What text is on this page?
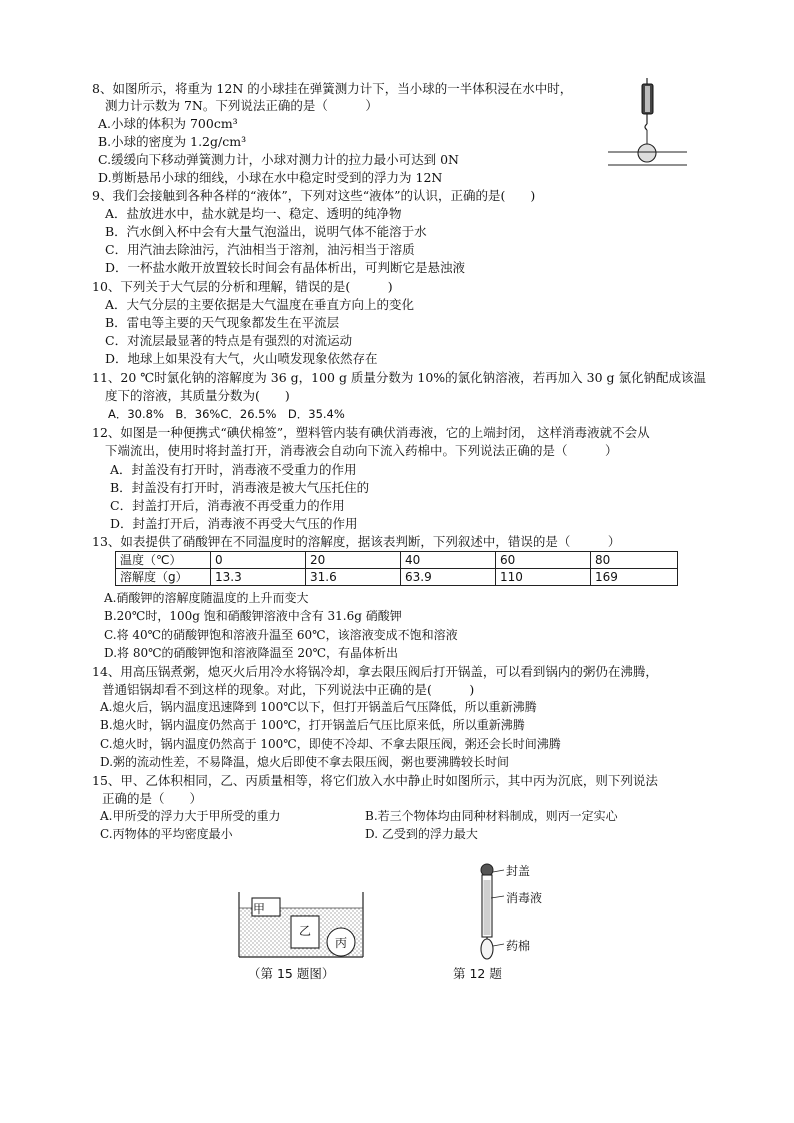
8、如图所示，将重为 12N 的小球挂在弹簧测力计下，当小球的一半体积浸在水中时，
测力计示数为 7N。下列说法正确的是（　　　）
A.小球的体积为 700cm³
B.小球的密度为 1.2g/cm³
C.缓缓向下移动弹簧测力计，小球对测力计的拉力最小可达到 0N
D.剪断悬吊小球的细线，小球在水中稳定时受到的浮力为 12N
9、我们会接触到各种各样的“液体”，下列对这些“液体”的认识，正确的是(　　)
A．盐放进水中，盐水就是均一、稳定、透明的纯净物
B．汽水倒入杯中会有大量气泡溢出，说明气体不能溶于水
C．用汽油去除油污，汽油相当于溶剂，油污相当于溶质
D．一杯盐水敞开放置较长时间会有晶体析出，可判断它是悬浊液
10、下列关于大气层的分析和理解，错误的是(　　　)
A．大气分层的主要依据是大气温度在垂直方向上的变化
B．雷电等主要的天气现象都发生在平流层
C．对流层最显著的特点是有强烈的对流运动
D．地球上如果没有大气，火山喷发现象依然存在
11、20 ℃时氯化钠的溶解度为 36 g，100 g 质量分数为 10%的氯化钠溶液，若再加入 30 g 氯化钠配成该温
度下的溶液，其质量分数为(　　)
A．30.8%　B．36%C．26.5%　D．35.4%
12、如图是一种便携式“碘伏棉签”，塑料管内装有碘伏消毒液，它的上端封闭， 这样消毒液就不会从
下端流出，使用时将封盖打开，消毒液会自动向下流入药棉中。下列说法正确的是（　　　）
A．封盖没有打开时，消毒液不受重力的作用
B．封盖没有打开时，消毒液是被大气压托住的
C．封盖打开后，消毒液不再受重力的作用
D．封盖打开后，消毒液不再受大气压的作用
13、如表提供了硝酸钾在不同温度时的溶解度，据该表判断，下列叙述中，错误的是（　　　）
温度（℃）	0	20	40	60	80
溶解度（g）	13.3	31.6	63.9	110	169
A.硝酸钾的溶解度随温度的上升而变大
B.20℃时，100g 饱和硝酸钾溶液中含有 31.6g 硝酸钾
C.将 40℃的硝酸钾饱和溶液升温至 60℃，该溶液变成不饱和溶液
D.将 80℃的硝酸钾饱和溶液降温至 20℃，有晶体析出
14、用高压锅煮粥，熄灭火后用冷水将锅冷却，拿去限压阀后打开锅盖，可以看到锅内的粥仍在沸腾，
普通铝锅却看不到这样的现象。对此，下列说法中正确的是(　　　)
A.熄火后，锅内温度迅速降到 100℃以下，但打开锅盖后气压降低，所以重新沸腾
B.熄火时，锅内温度仍然高于 100℃，打开锅盖后气压比原来低，所以重新沸腾
C.熄火时，锅内温度仍然高于 100℃，即使不冷却、不拿去限压阀，粥还会长时间沸腾
D.粥的流动性差，不易降温，熄火后即使不拿去限压阀，粥也要沸腾较长时间
15、甲、乙体积相同，乙、丙质量相等，将它们放入水中静止时如图所示，其中丙为沉底，则下列说法
正确的是（　　）
A.甲所受的浮力大于甲所受的重力	B.若三个物体均由同种材料制成，则丙一定实心
C.丙物体的平均密度最小	D. 乙受到的浮力最大
甲
乙
丙
（第 15 题图）
封盖
消毒液
药棉
第 12 题
